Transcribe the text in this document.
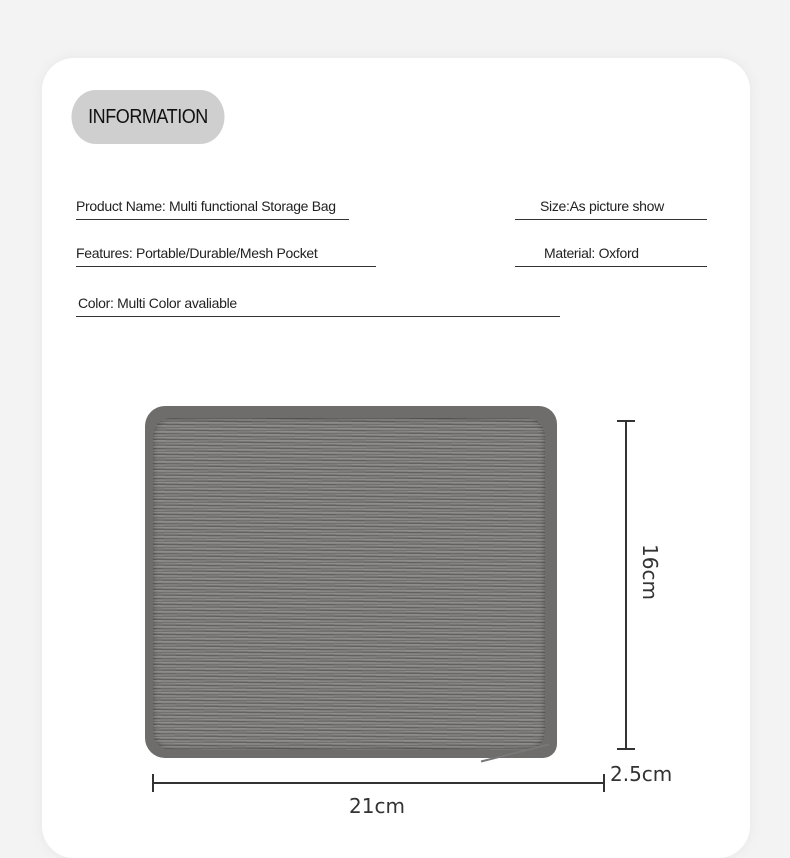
INFORMATION
Product Name: Multi functional Storage Bag	Size:As picture show
Features: Portable/Durable/Mesh Pocket	Material: Oxford
Color: Multi Color avaliable
16cm
2.5cm
21cm
